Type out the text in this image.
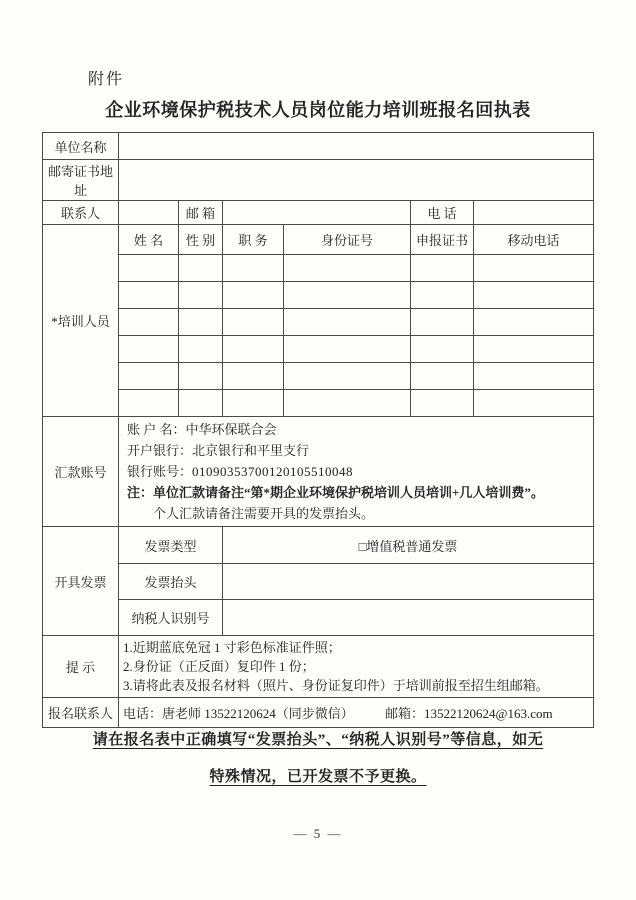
附件
企业环境保护税技术人员岗位能力培训班报名回执表
单位名称						
邮寄证书地址						
联系人		邮 箱			电 话	
*培训人员	姓 名	性 别	职 务	身份证号	申报证书	移动电话

汇款账号	账 户 名：中华环保联合会
开户银行：北京银行和平里支行
银行账号：01090353700120105510048
注：单位汇款请备注“第*期企业环境保护税培训人员培训+几人培训费”。
个人汇款请备注需要开具的发票抬头。					

开具发票	发票类型		□增值税普通发票			
	发票抬头					
	纳税人识别号					
提 示	1.近期蓝底免冠 1 寸彩色标准证件照；
2.身份证（正反面）复印件 1 份；
3.请将此表及报名材料（照片、身份证复印件）于培训前报至招生组邮箱。					

报名联系人	电话：唐老师 13522120624（同步微信） 邮箱：13522120624@163.com					
请在报名表中正确填写“发票抬头”、“纳税人识别号”等信息，如无
特殊情况，已开发票不予更换。
— 5 —
